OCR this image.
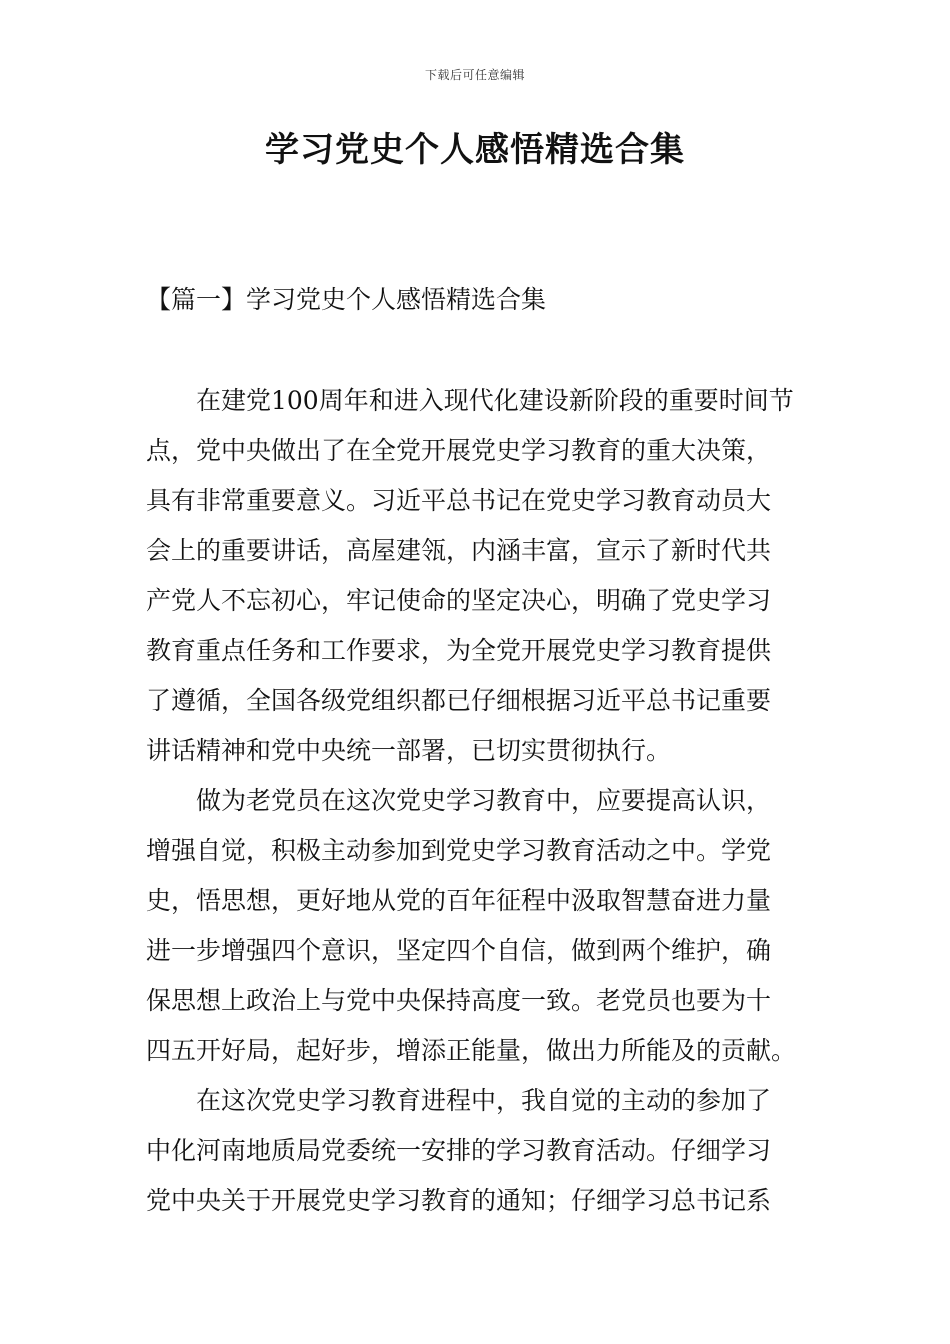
下载后可任意编辑
学习党史个人感悟精选合集
【篇一】学习党史个人感悟精选合集
　　在建党100周年和进入现代化建设新阶段的重要时间节
点，党中央做出了在全党开展党史学习教育的重大决策，
具有非常重要意义。习近平总书记在党史学习教育动员大
会上的重要讲话，高屋建瓴，内涵丰富，宣示了新时代共
产党人不忘初心，牢记使命的坚定决心，明确了党史学习
教育重点任务和工作要求，为全党开展党史学习教育提供
了遵循，全国各级党组织都已仔细根据习近平总书记重要
讲话精神和党中央统一部署，已切实贯彻执行。
　　做为老党员在这次党史学习教育中，应要提高认识，
增强自觉，积极主动参加到党史学习教育活动之中。学党
史，悟思想，更好地从党的百年征程中汲取智慧奋进力量
进一步增强四个意识，坚定四个自信，做到两个维护，确
保思想上政治上与党中央保持高度一致。老党员也要为十
四五开好局，起好步，增添正能量，做出力所能及的贡献。
　　在这次党史学习教育进程中，我自觉的主动的参加了
中化河南地质局党委统一安排的学习教育活动。仔细学习
党中央关于开展党史学习教育的通知；仔细学习总书记系
